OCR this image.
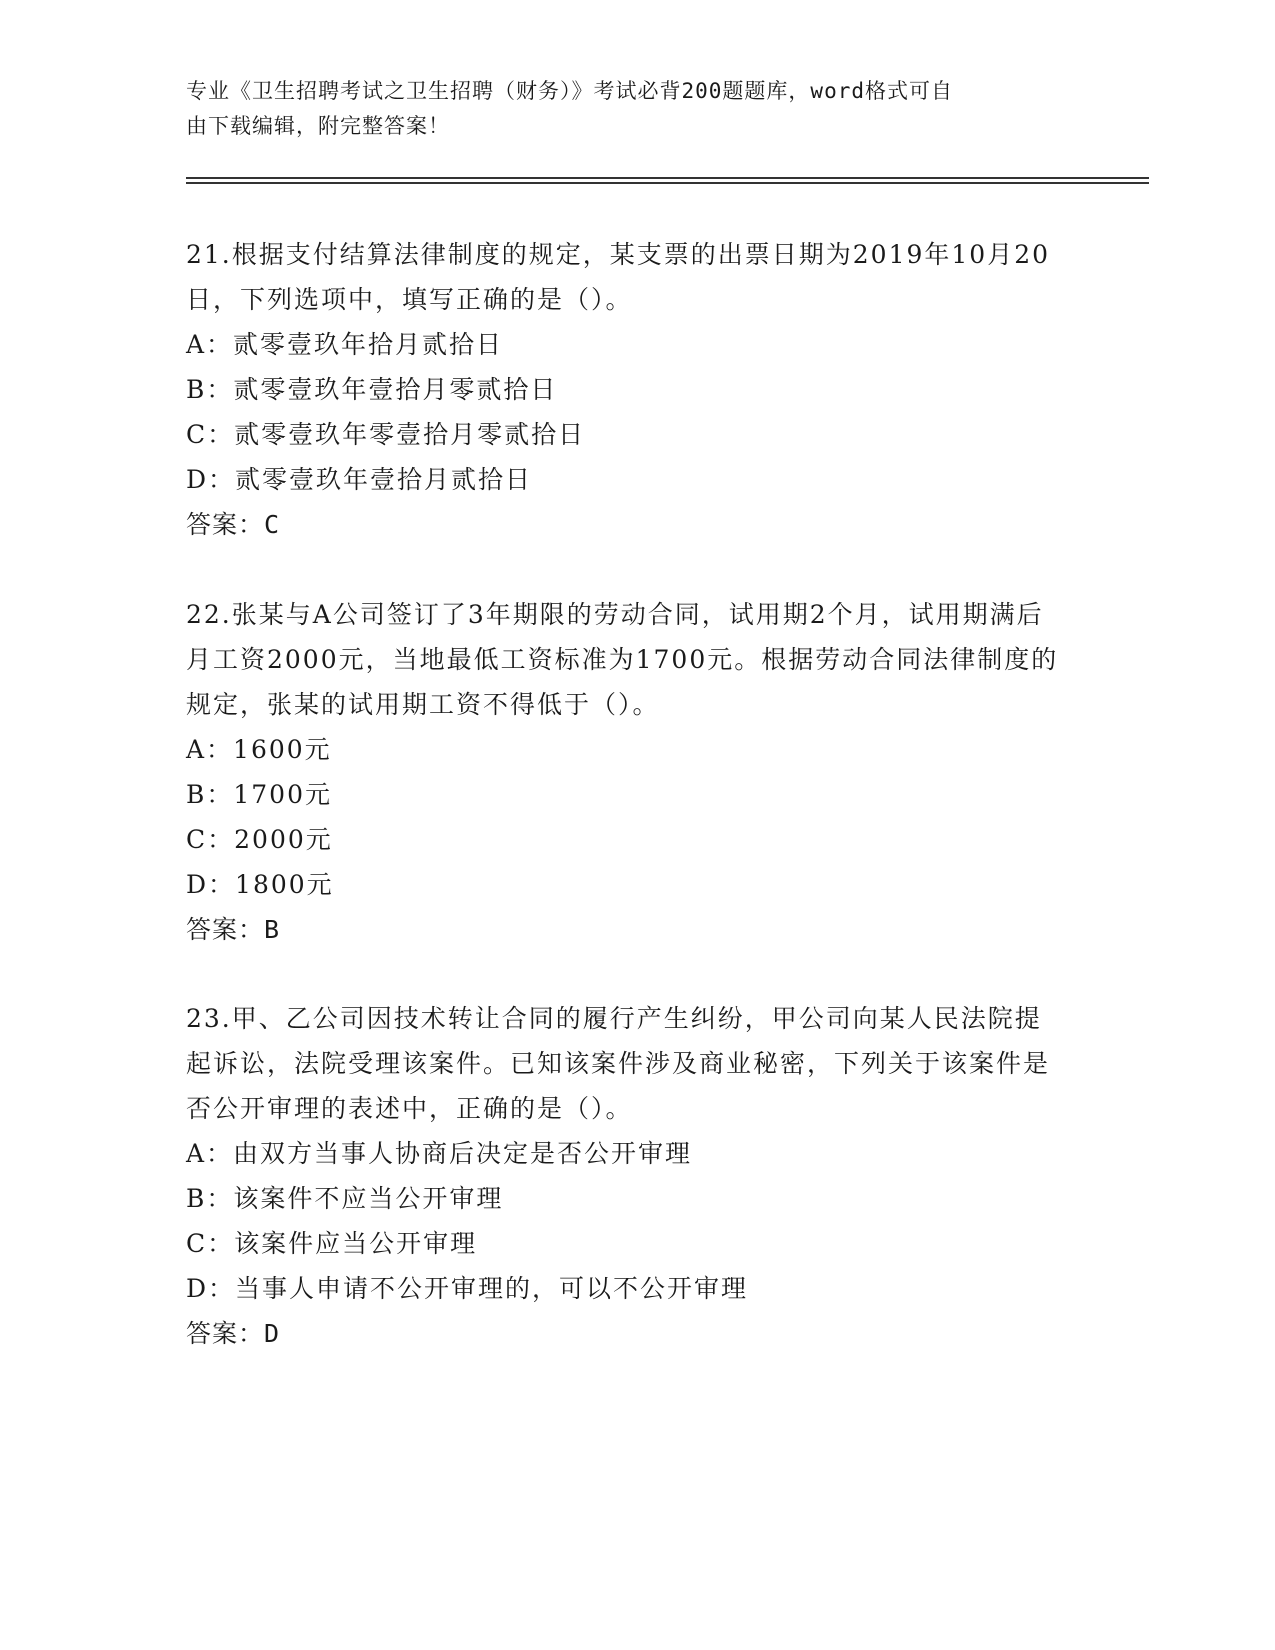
专业《卫生招聘考试之卫生招聘（财务）》考试必背200题题库，word格式可自
由下载编辑，附完整答案！

21.根据支付结算法律制度的规定，某支票的出票日期为2019年10月20日，下列选项中，填写正确的是（）。

A：贰零壹玖年拾月贰拾日

B：贰零壹玖年壹拾月零贰拾日

C：贰零壹玖年零壹拾月零贰拾日

D：贰零壹玖年壹拾月贰拾日

答案：C

22.张某与A公司签订了3年期限的劳动合同，试用期2个月，试用期满后月工资2000元，当地最低工资标准为1700元。根据劳动合同法律制度的规定，张某的试用期工资不得低于（）。

A：1600元

B：1700元

C：2000元

D：1800元

答案：B

23.甲、乙公司因技术转让合同的履行产生纠纷，甲公司向某人民法院提起诉讼，法院受理该案件。已知该案件涉及商业秘密，下列关于该案件是否公开审理的表述中，正确的是（）。

A：由双方当事人协商后决定是否公开审理

B：该案件不应当公开审理

C：该案件应当公开审理

D：当事人申请不公开审理的，可以不公开审理

答案：D
